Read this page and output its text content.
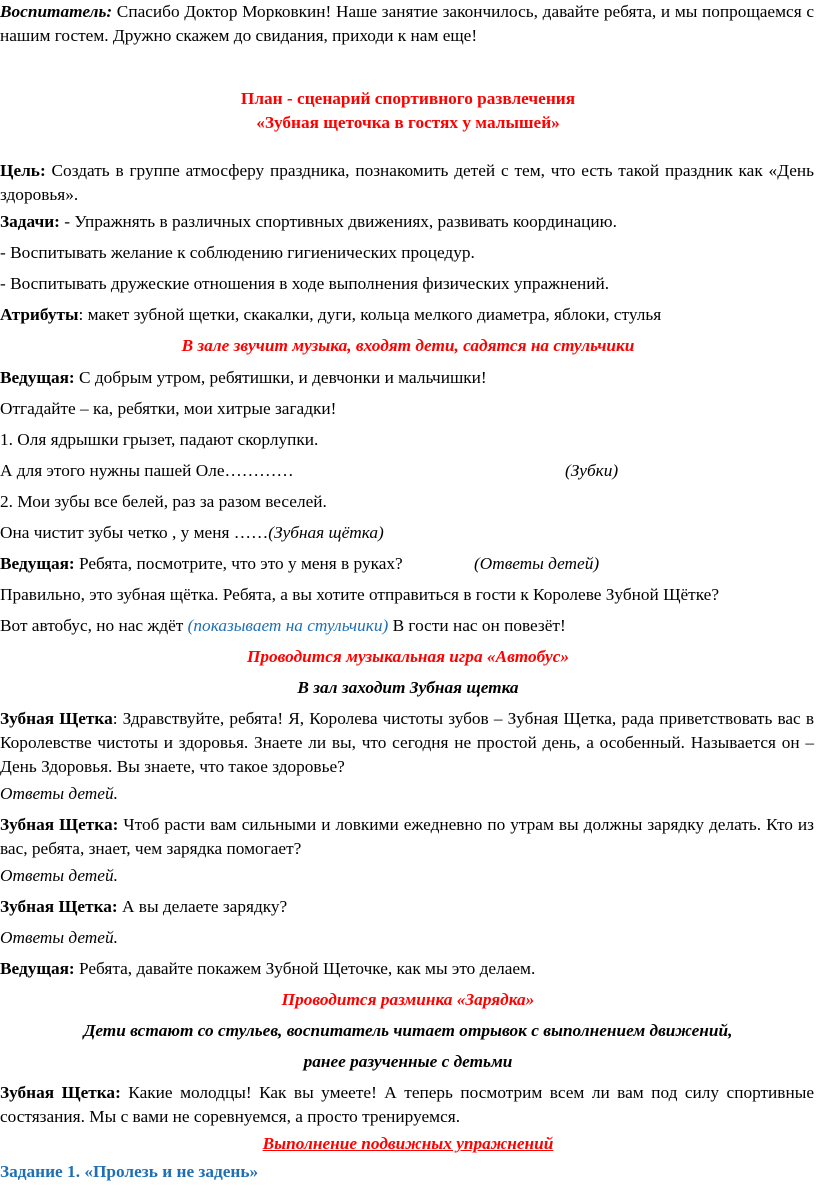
Воспитатель: Спасибо Доктор Морковкин! Наше занятие закончилось, давайте ребята, и мы попрощаемся с нашим гостем. Дружно скажем до свидания, приходи к нам еще!

План - сценарий спортивного развлечения

«Зубная щеточка в гостях у малышей»

Цель: Создать в группе атмосферу праздника, познакомить детей с тем, что есть такой праздник как «День здоровья».

Задачи: - Упражнять в различных спортивных движениях, развивать координацию.

- Воспитывать желание к соблюдению гигиенических процедур.

- Воспитывать дружеские отношения в ходе выполнения физических упражнений.

Атрибуты: макет зубной щетки, скакалки, дуги, кольца мелкого диаметра, яблоки, стулья

В зале звучит музыка, входят дети, садятся на стульчики

Ведущая: С добрым утром, ребятишки, и девчонки и мальчишки!

Отгадайте – ка, ребятки, мои хитрые загадки!

1. Оля ядрышки грызет, падают скорлупки.

А для этого нужны пашей Оле…………	(Зубки)

2. Мои зубы все белей, раз за разом веселей.

Она чистит зубы четко , у меня ……(Зубная щётка)

Ведущая: Ребята, посмотрите, что это у меня в руках?	(Ответы детей)

Правильно, это зубная щётка. Ребята, а вы хотите отправиться в гости к Королеве Зубной Щётке?

Вот автобус, но нас ждёт (показывает на стульчики) В гости нас он повезёт!

Проводится музыкальная игра «Автобус»

В зал заходит Зубная щетка

Зубная Щетка: Здравствуйте, ребята! Я, Королева чистоты зубов – Зубная Щетка, рада приветствовать вас в Королевстве чистоты и здоровья. Знаете ли вы, что сегодня не простой день, а особенный. Называется он – День Здоровья. Вы знаете, что такое здоровье?

Ответы детей.

Зубная Щетка: Чтоб расти вам сильными и ловкими ежедневно по утрам вы должны зарядку делать. Кто из вас, ребята, знает, чем зарядка помогает?

Ответы детей.

Зубная Щетка: А вы делаете зарядку?

Ответы детей.

Ведущая: Ребята, давайте покажем Зубной Щеточке, как мы это делаем.

Проводится разминка «Зарядка»

Дети встают со стульев, воспитатель читает отрывок с выполнением движений,

ранее разученные с детьми

Зубная Щетка: Какие молодцы! Как вы умеете! А теперь посмотрим всем ли вам под силу спортивные состязания. Мы с вами не соревнуемся, а просто тренируемся.

Выполнение подвижных упражнений

Задание 1. «Пролезь и не задень»
